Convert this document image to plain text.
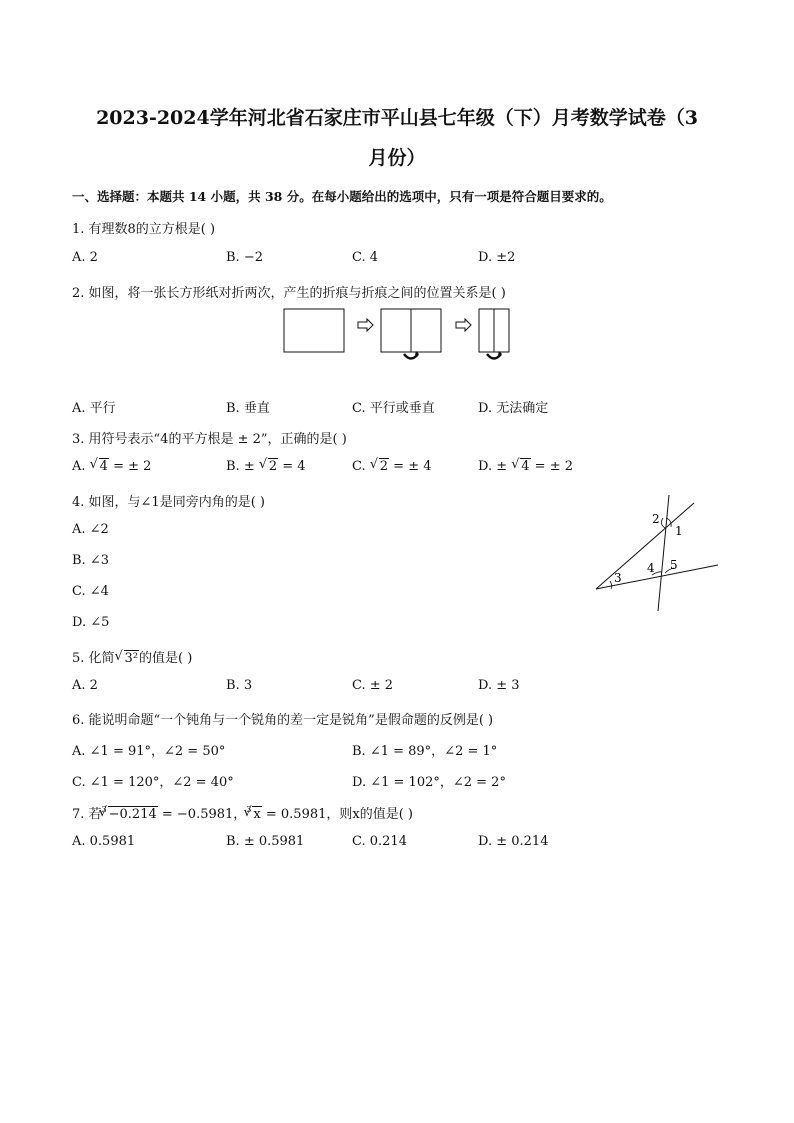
2023-2024学年河北省石家庄市平山县七年级（下）月考数学试卷（3
月份）
一、选择题：本题共 14 小题，共 38 分。在每小题给出的选项中，只有一项是符合题目要求的。
1. 有理数8的立方根是( )
A. 2	B. −2	C. 4	D. ±2
2. 如图，将一张长方形纸对折两次，产生的折痕与折痕之间的位置关系是( )
A. 平行	B. 垂直	C. 平行或垂直	D. 无法确定
3. 用符号表示“4的平方根是 ± 2”，正确的是( )
A. √ 4 = ± 2	B. ± √ 2 = 4	C. √ 2 = ± 4	D. ± √ 4 = ± 2
4. 如图，与∠1是同旁内角的是( )
A. ∠2
B. ∠3
C. ∠4
D. ∠5
2
1
3
4 5
5. 化简 √ 3²的值是( )
A. 2	B. 3	C. ± 2	D. ± 3
6. 能说明命题“一个钝角与一个锐角的差一定是锐角”是假命题的反例是( )
A. ∠1 = 91°，∠2 = 50°	B. ∠1 = 89°，∠2 = 1°
C. ∠1 = 120°，∠2 = 40°	D. ∠1 = 102°，∠2 = 2°
7. 若$^3$ √ −0.214 = −0.5981，$^3$ √ x = 0.5981，则x的值是( )
A. 0.5981	B. ± 0.5981	C. 0.214	D. ± 0.214
